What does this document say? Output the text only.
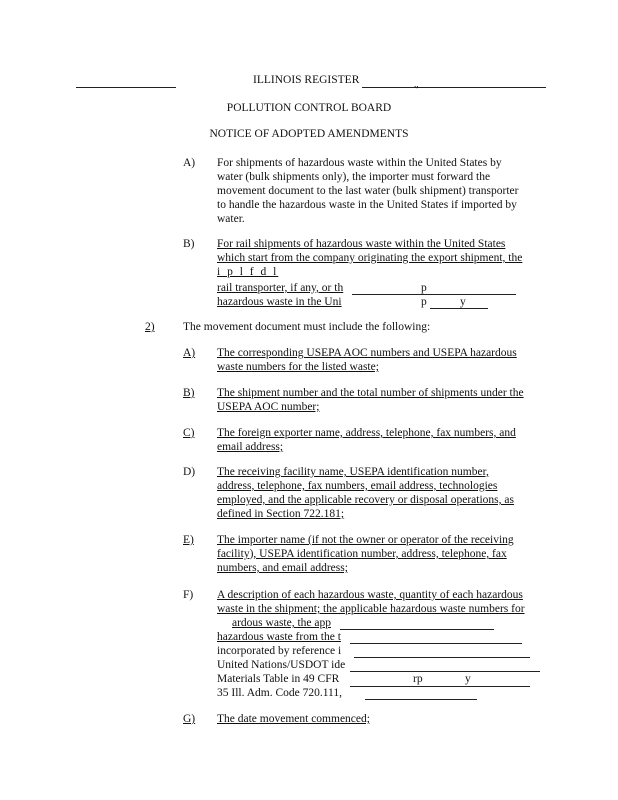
ILLINOIS REGISTER	.,
POLLUTION CONTROL BOARD
NOTICE OF ADOPTED AMENDMENTS
A) For shipments of hazardous waste within the United States by
water (bulk shipments only), the importer must forward the
movement document to the last water (bulk shipment) transporter
to handle the hazardous waste in the United States if imported by
water.
B) For rail shipments of hazardous waste within the United States
which start from the company originating the export shipment, the
i p l f d l
rail transporter, if any, or th	p
hazardous waste in the Uni	p	y
2) The movement document must include the following:
A) The corresponding USEPA AOC numbers and USEPA hazardous
waste numbers for the listed waste;
B) The shipment number and the total number of shipments under the
USEPA AOC number;
C) The foreign exporter name, address, telephone, fax numbers, and
email address;
D) The receiving facility name, USEPA identification number,
address, telephone, fax numbers, email address, technologies
employed, and the applicable recovery or disposal operations, as
defined in Section 722.181;
E) The importer name (if not the owner or operator of the receiving
facility), USEPA identification number, address, telephone, fax
numbers, and email address;
F) A description of each hazardous waste, quantity of each hazardous
waste in the shipment; the applicable hazardous waste numbers for
ardous waste, the app
hazardous waste from the t
incorporated by reference i
United Nations/USDOT ide
Materials Table in 49 CFR	rp	y
35 Ill. Adm. Code 720.111,
G) The date movement commenced;
